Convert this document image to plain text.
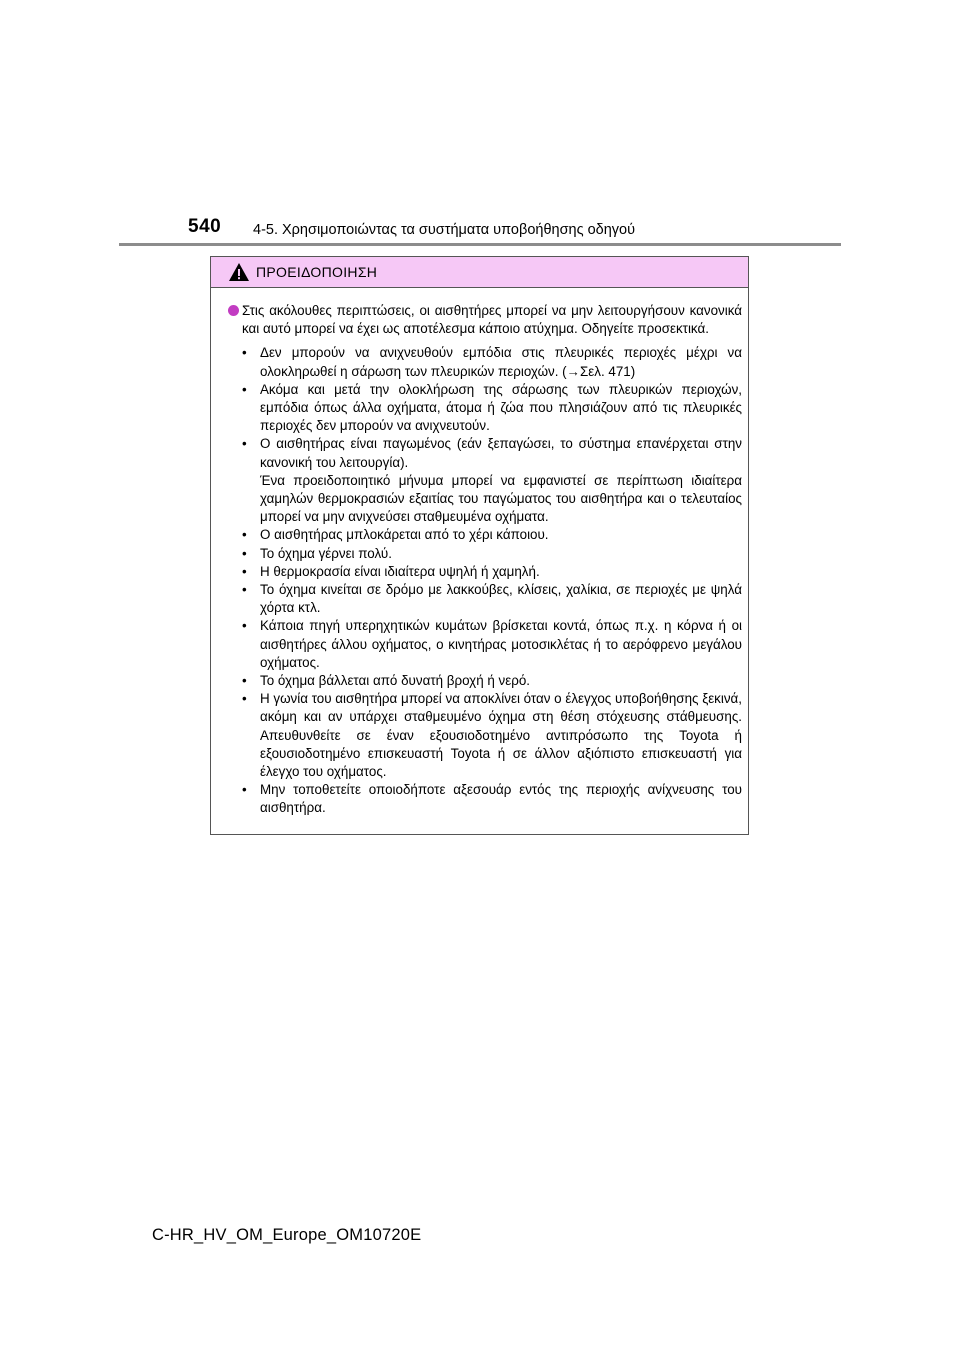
540 4-5. Χρησιμοποιώντας τα συστήματα υποβοήθησης οδηγού
ΠΡΟΕΙΔΟΠΟΙΗΣΗ
Στις ακόλουθες περιπτώσεις, οι αισθητήρες μπορεί να μην λειτουργήσουν κανονικά και αυτό μπορεί να έχει ως αποτέλεσμα κάποιο ατύχημα. Οδηγείτε προσεκτικά.
• Δεν μπορούν να ανιχνευθούν εμπόδια στις πλευρικές περιοχές μέχρι να ολοκληρωθεί η σάρωση των πλευρικών περιοχών. (→Σελ. 471)
• Ακόμα και μετά την ολοκλήρωση της σάρωσης των πλευρικών περιοχών, εμπόδια όπως άλλα οχήματα, άτομα ή ζώα που πλησιάζουν από τις πλευρικές περιοχές δεν μπορούν να ανιχνευτούν.
• Ο αισθητήρας είναι παγωμένος (εάν ξεπαγώσει, το σύστημα επανέρχεται στην κανονική του λειτουργία).
Ένα προειδοποιητικό μήνυμα μπορεί να εμφανιστεί σε περίπτωση ιδιαίτερα χαμηλών θερμοκρασιών εξαιτίας του παγώματος του αισθητήρα και ο τελευταίος μπορεί να μην ανιχνεύσει σταθμευμένα οχήματα.
• Ο αισθητήρας μπλοκάρεται από το χέρι κάποιου.
• Το όχημα γέρνει πολύ.
• Η θερμοκρασία είναι ιδιαίτερα υψηλή ή χαμηλή.
• Το όχημα κινείται σε δρόμο με λακκούβες, κλίσεις, χαλίκια, σε περιοχές με ψηλά χόρτα κτλ.
• Κάποια πηγή υπερηχητικών κυμάτων βρίσκεται κοντά, όπως π.χ. η κόρνα ή οι αισθητήρες άλλου οχήματος, ο κινητήρας μοτοσικλέτας ή το αερόφρενο μεγάλου οχήματος.
• Το όχημα βάλλεται από δυνατή βροχή ή νερό.
• Η γωνία του αισθητήρα μπορεί να αποκλίνει όταν ο έλεγχος υποβοήθησης ξεκινά, ακόμη και αν υπάρχει σταθμευμένο όχημα στη θέση στόχευσης στάθμευσης. Απευθυνθείτε σε έναν εξουσιοδοτημένο αντιπρόσωπο της Toyota ή εξουσιοδοτημένο επισκευαστή Toyota ή σε άλλον αξιόπιστο επισκευαστή για έλεγχο του οχήματος.
• Μην τοποθετείτε οποιοδήποτε αξεσουάρ εντός της περιοχής ανίχνευσης του αισθητήρα.
C-HR_HV_OM_Europe_OM10720E
